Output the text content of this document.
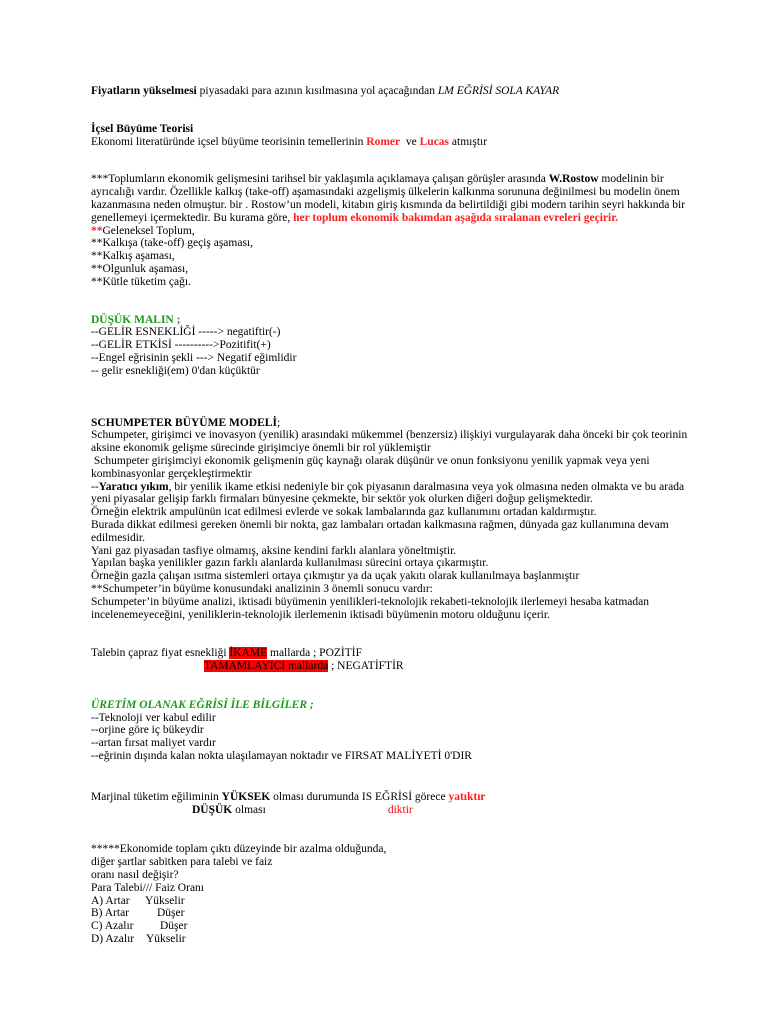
Fiyatların yükselmesi piyasadaki para azının kısılmasına yol açacağından LM EĞRİSİ SOLA KAYAR

İçsel Büyüme Teorisi

Ekonomi literatüründe içsel büyüme teorisinin temellerinin Romer  ve Lucas atmıştır

***Toplumların ekonomik gelişmesini tarihsel bir yaklaşımla açıklamaya çalışan görüşler arasında W.Rostow modelinin bir ayrıcalığı vardır. Özellikle kalkış (take-off) aşamasındaki azgelişmiş ülkelerin kalkınma sorununa değinilmesi bu modelin önem kazanmasına neden olmuştur. bir . Rostow’un modeli, kitabın giriş kısmında da belirtildiği gibi modern tarihin seyri hakkında bir genellemeyi içermektedir. Bu kurama göre, her toplum ekonomik bakımdan aşağıda sıralanan evreleri geçirir.

**Geleneksel Toplum,

**Kalkışa (take-off) geçiş aşaması,

**Kalkış aşaması,

**Olgunluk aşaması,

**Kütle tüketim çağı.

DÜŞÜK MALIN ;

--GELİR ESNEKLİĞİ -----> negatiftir(-)

--GELİR ETKİSİ ---------->Pozitifit(+)

--Engel eğrisinin şekli ---> Negatif eğimlidir

-- gelir esnekliği(em) 0'dan küçüktür

SCHUMPETER BÜYÜME MODELİ;

Schumpeter, girişimci ve inovasyon (yenilik) arasındaki mükemmel (benzersiz) ilişkiyi vurgulayarak daha önceki bir çok teorinin aksine ekonomik gelişme sürecinde girişimciye önemli bir rol yüklemiştir

Schumpeter girişimciyi ekonomik gelişmenin güç kaynağı olarak düşünür ve onun fonksiyonu yenilik yapmak veya yeni kombinasyonlar gerçekleştirmektir

--Yaratıcı yıkım, bir yenilik ikame etkisi nedeniyle bir çok piyasanın daralmasına veya yok olmasına neden olmakta ve bu arada yeni piyasalar gelişip farklı firmaları bünyesine çekmekte, bir sektör yok olurken diğeri doğup gelişmektedir.

Örneğin elektrik ampulünün icat edilmesi evlerde ve sokak lambalarında gaz kullanımını ortadan kaldırmıştır.

Burada dikkat edilmesi gereken önemli bir nokta, gaz lambaları ortadan kalkmasına rağmen, dünyada gaz kullanımına devam edilmesidir.

Yani gaz piyasadan tasfiye olmamış, aksine kendini farklı alanlara yöneltmiştir.

Yapılan başka yenilikler gazın farklı alanlarda kullanılması sürecini ortaya çıkarmıştır.

Örneğin gazla çalışan ısıtma sistemleri ortaya çıkmıştır ya da uçak yakıtı olarak kullanılmaya başlanmıştır

**Schumpeter’in büyüme konusundaki analizinin 3 önemli sonucu vardır:

Schumpeter’in büyüme analizi, iktisadi büyümenin yenilikleri-teknolojik rekabeti-teknolojik ilerlemeyi hesaba katmadan incelenemeyeceğini, yeniliklerin-teknolojik ilerlemenin iktisadi büyümenin motoru olduğunu içerir.

Talebin çapraz fiyat esnekliği İKAME mallarda ; POZİTİF

TAMAMLAYICI mallarda ; NEGATİFTİR

ÜRETİM OLANAK EĞRİSİ İLE BİLGİLER ;

--Teknoloji ver kabul edilir

--orjine göre iç bükeydir

--artan fırsat maliyet vardır

--eğrinin dışında kalan nokta ulaşılamayan noktadır ve FIRSAT MALİYETİ 0'DIR

Marjinal tüketim eğiliminin YÜKSEK olması durumunda IS EĞRİSİ görece yatıktır

DÜŞÜK olması	diktir

*****Ekonomide toplam çıktı düzeyinde bir azalma olduğunda,

diğer şartlar sabitken para talebi ve faiz

oranı nasıl değişir?

Para Talebi/// Faiz Oranı

A) Artar Yükselir

B) Artar Düşer

C) Azalır Düşer

D) Azalır Yükselir
